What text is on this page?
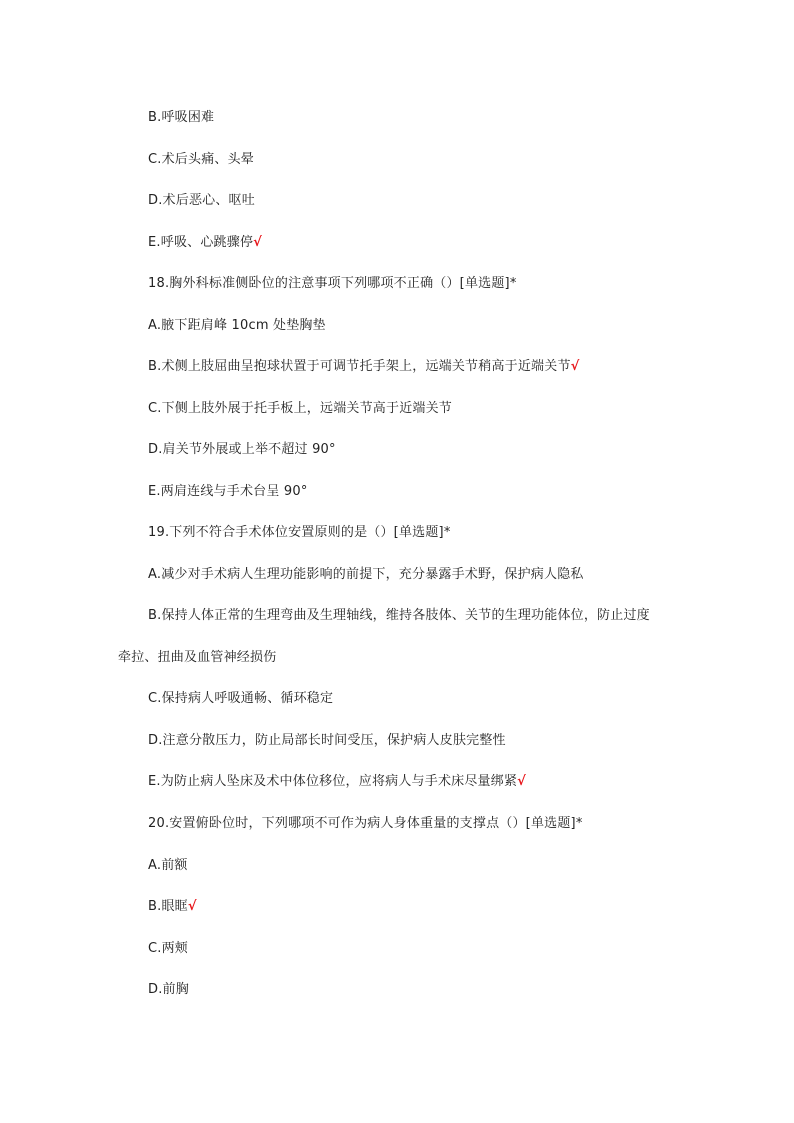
B.呼吸困难
C.术后头痛、头晕
D.术后恶心、呕吐
E.呼吸、心跳骤停√
18.胸外科标准侧卧位的注意事项下列哪项不正确（）[单选题]*
A.腋下距肩峰 10cm 处垫胸垫
B.术侧上肢屈曲呈抱球状置于可调节托手架上，远端关节稍高于近端关节√
C.下侧上肢外展于托手板上，远端关节高于近端关节
D.肩关节外展或上举不超过 90°
E.两肩连线与手术台呈 90°
19.下列不符合手术体位安置原则的是（）[单选题]*
A.减少对手术病人生理功能影响的前提下，充分暴露手术野，保护病人隐私
B.保持人体正常的生理弯曲及生理轴线，维持各肢体、关节的生理功能体位，防止过度
牵拉、扭曲及血管神经损伤
C.保持病人呼吸通畅、循环稳定
D.注意分散压力，防止局部长时间受压，保护病人皮肤完整性
E.为防止病人坠床及术中体位移位，应将病人与手术床尽量绑紧√
20.安置俯卧位时，下列哪项不可作为病人身体重量的支撑点（）[单选题]*
A.前额
B.眼眶√
C.两颊
D.前胸
